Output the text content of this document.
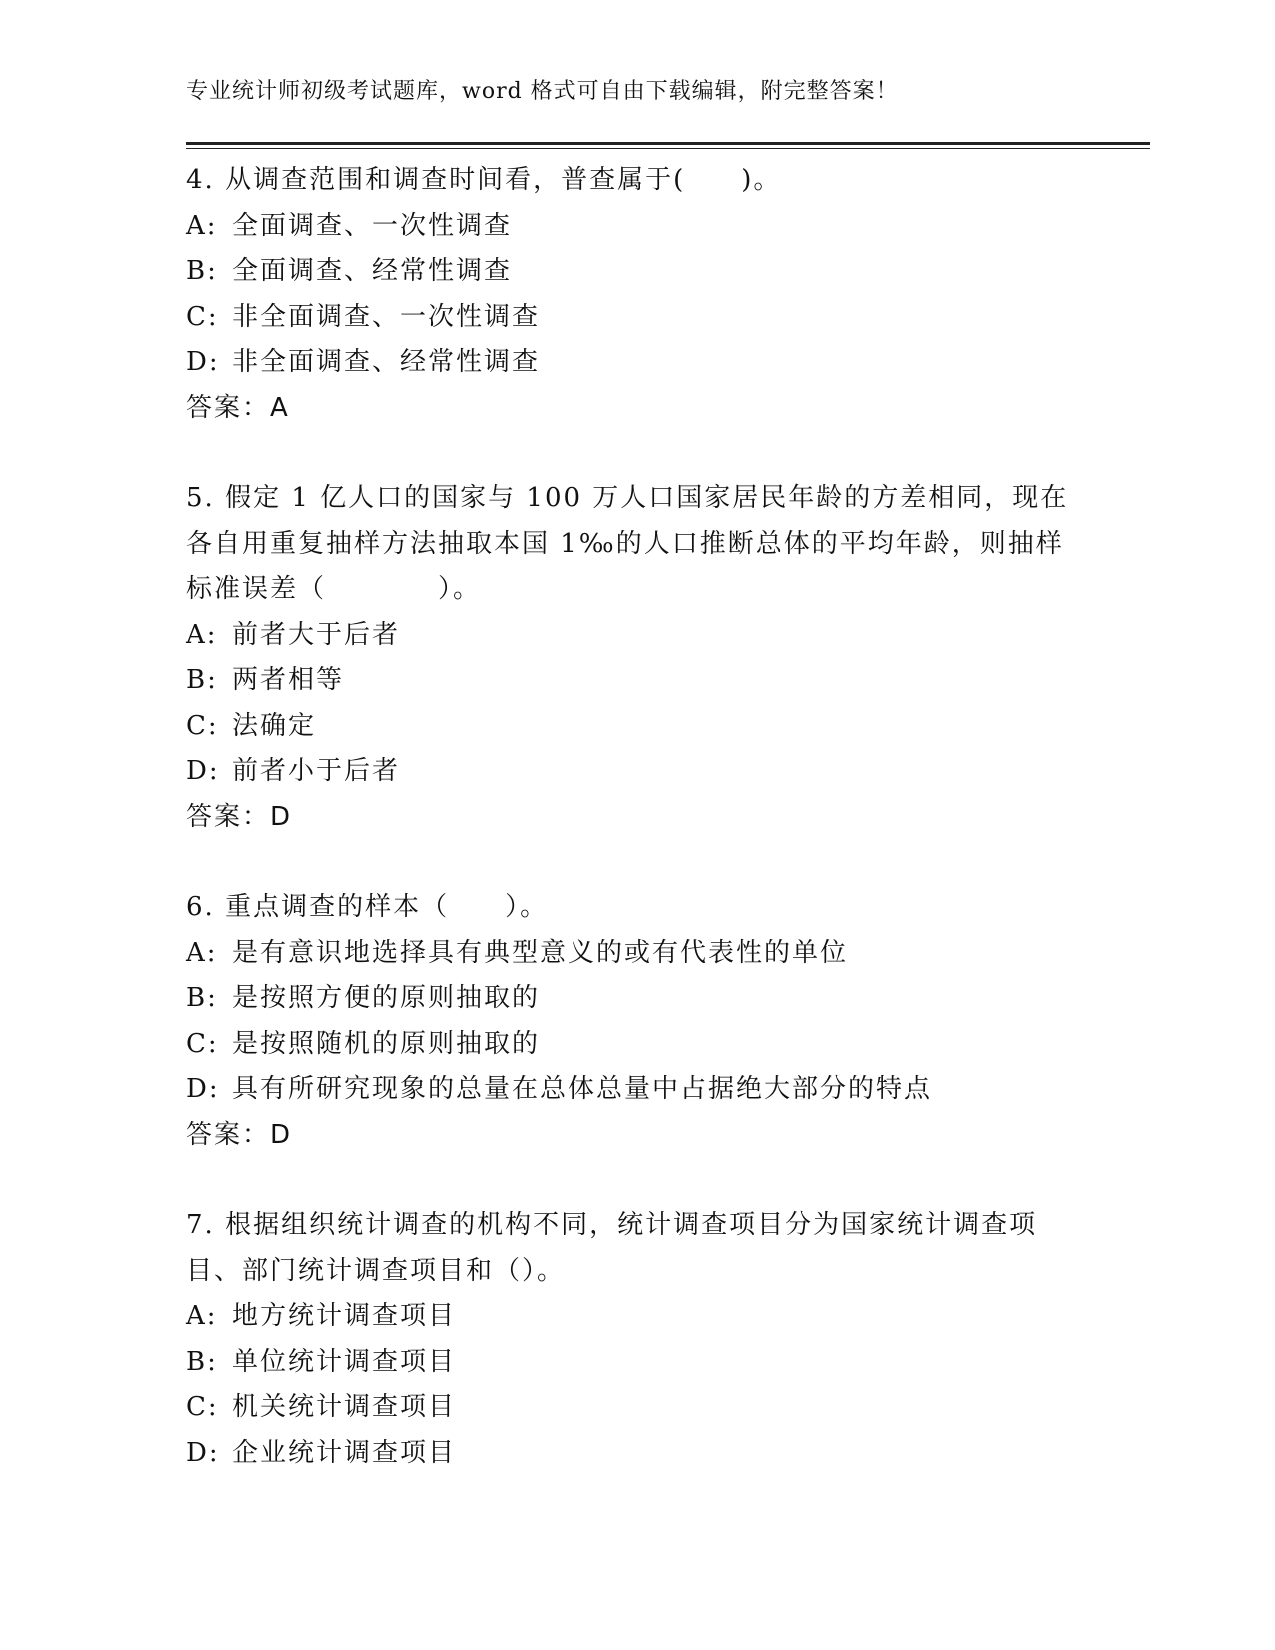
专业统计师初级考试题库，word 格式可自由下载编辑，附完整答案！
4. 从调查范围和调查时间看，普查属于(　　)。
A: 全面调查、一次性调查
B: 全面调查、经常性调查
C: 非全面调查、一次性调查
D: 非全面调查、经常性调查
答案：A
5. 假定 1 亿人口的国家与 100 万人口国家居民年龄的方差相同，现在
各自用重复抽样方法抽取本国 1‰的人口推断总体的平均年龄，则抽样
标准误差（　　　　）。
A: 前者大于后者
B: 两者相等
C: 法确定
D: 前者小于后者
答案：D
6. 重点调查的样本（　　）。
A: 是有意识地选择具有典型意义的或有代表性的单位
B: 是按照方便的原则抽取的
C: 是按照随机的原则抽取的
D: 具有所研究现象的总量在总体总量中占据绝大部分的特点
答案：D
7. 根据组织统计调查的机构不同，统计调查项目分为国家统计调查项
目、部门统计调查项目和（）。
A: 地方统计调查项目
B: 单位统计调查项目
C: 机关统计调查项目
D: 企业统计调查项目
